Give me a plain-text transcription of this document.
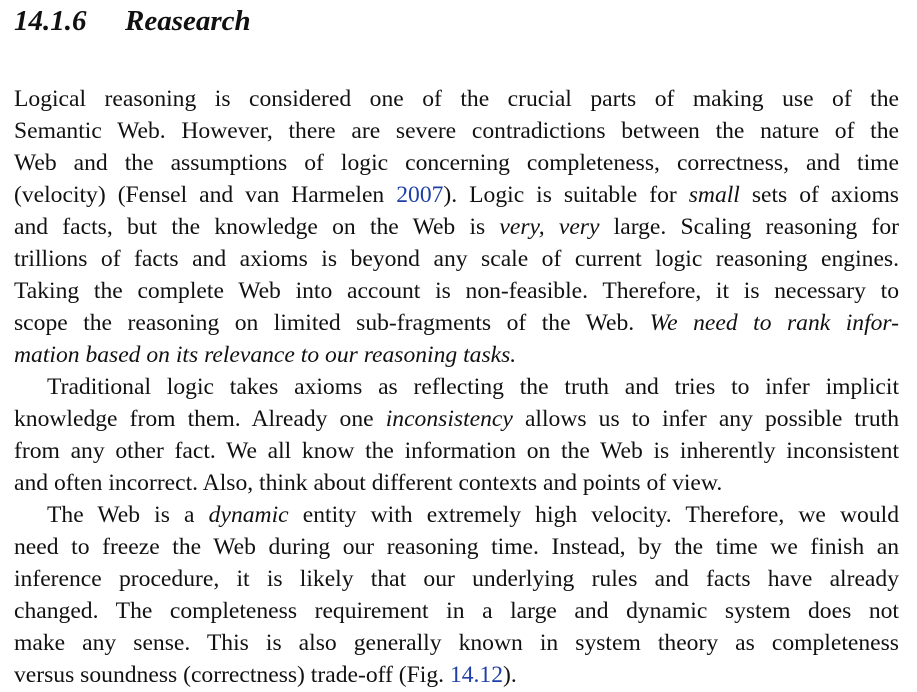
14.1.6 Reasearch
Logical reasoning is considered one of the crucial parts of making use of the
Semantic Web. However, there are severe contradictions between the nature of the
Web and the assumptions of logic concerning completeness, correctness, and time
(velocity) (Fensel and van Harmelen 2007). Logic is suitable for small sets of axioms
and facts, but the knowledge on the Web is very, very large. Scaling reasoning for
trillions of facts and axioms is beyond any scale of current logic reasoning engines.
Taking the complete Web into account is non-feasible. Therefore, it is necessary to
scope the reasoning on limited sub-fragments of the Web. We need to rank infor-
mation based on its relevance to our reasoning tasks.
Traditional logic takes axioms as reflecting the truth and tries to infer implicit
knowledge from them. Already one inconsistency allows us to infer any possible truth
from any other fact. We all know the information on the Web is inherently inconsistent
and often incorrect. Also, think about different contexts and points of view.
The Web is a dynamic entity with extremely high velocity. Therefore, we would
need to freeze the Web during our reasoning time. Instead, by the time we finish an
inference procedure, it is likely that our underlying rules and facts have already
changed. The completeness requirement in a large and dynamic system does not
make any sense. This is also generally known in system theory as completeness
versus soundness (correctness) trade-off (Fig. 14.12).
